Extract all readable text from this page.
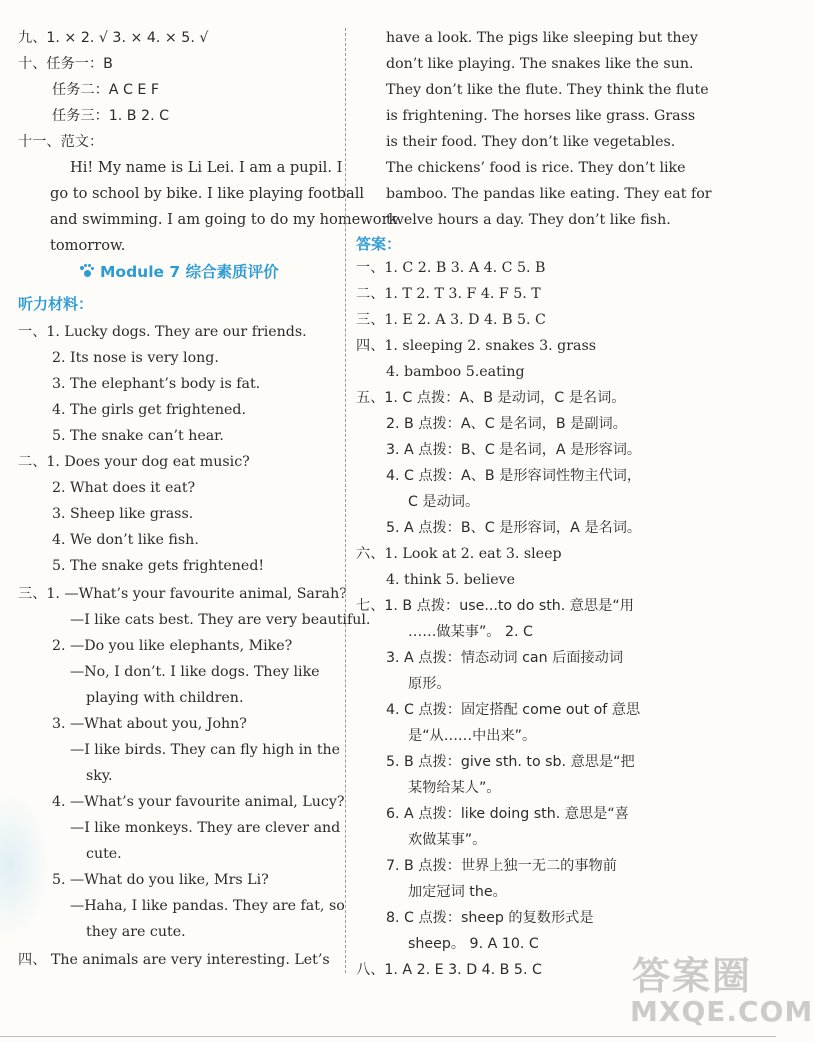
九、1. × 2. √ 3. × 4. × 5. √
十、任务一：B
任务二：A C E F
任务三：1. B 2. C
十一、范文：
Hi! My name is Li Lei. I am a pupil. I
go to school by bike. I like playing football
and swimming. I am going to do my homework
tomorrow.
听力材料：
一、1. Lucky dogs. They are our friends.
2. Its nose is very long.
3. The elephant’s body is fat.
4. The girls get frightened.
5. The snake can’t hear.
二、1. Does your dog eat music?
2. What does it eat?
3. Sheep like grass.
4. We don’t like fish.
5. The snake gets frightened!
三、1. —What’s your favourite animal, Sarah?
—I like cats best. They are very beautiful.
2. —Do you like elephants, Mike?
—No, I don’t. I like dogs. They like
playing with children.
3. —What about you, John?
—I like birds. They can fly high in the
sky.
4. —What’s your favourite animal, Lucy?
—I like monkeys. They are clever and
cute.
5. —What do you like, Mrs Li?
—Haha, I like pandas. They are fat, so
they are cute.
四、 The animals are very interesting. Let’s
Module 7 综合素质评价
have a look. The pigs like sleeping but they
don’t like playing. The snakes like the sun.
They don’t like the flute. They think the flute
is frightening. The horses like grass. Grass
is their food. They don’t like vegetables.
The chickens’ food is rice. They don’t like
bamboo. The pandas like eating. They eat for
twelve hours a day. They don’t like fish.
答案：
一、1. C 2. B 3. A 4. C 5. B
二、1. T 2. T 3. F 4. F 5. T
三、1. E 2. A 3. D 4. B 5. C
四、1. sleeping 2. snakes 3. grass
4. bamboo 5.eating
五、1. C 点拨：A、B 是动词，C 是名词。
2. B 点拨：A、C 是名词，B 是副词。
3. A 点拨：B、C 是名词，A 是形容词。
4. C 点拨：A、B 是形容词性物主代词，
C 是动词。
5. A 点拨：B、C 是形容词，A 是名词。
六、1. Look at 2. eat 3. sleep
4. think 5. believe
七、1. B 点拨：use...to do sth. 意思是“用
……做某事”。 2. C
3. A 点拨：情态动词 can 后面接动词
原形。
4. C 点拨：固定搭配 come out of 意思
是“从……中出来”。
5. B 点拨：give sth. to sb. 意思是“把
某物给某人”。
6. A 点拨：like doing sth. 意思是“喜
欢做某事”。
7. B 点拨：世界上独一无二的事物前
加定冠词 the。
8. C 点拨：sheep 的复数形式是
sheep。 9. A 10. C
八、1. A 2. E 3. D 4. B 5. C 答案圈
MXQE.COM
